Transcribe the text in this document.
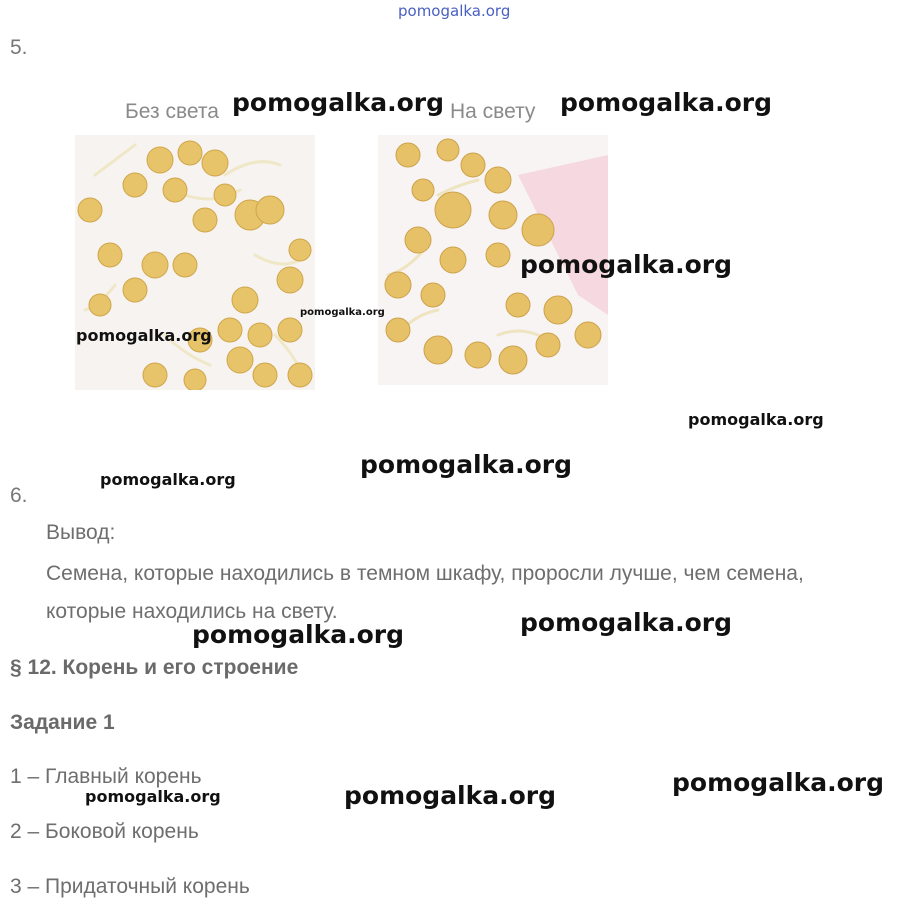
pomogalka.org
5.
Без света	На свету
pomogalka.org	pomogalka.org
pomogalka.org
pomogalka.org
pomogalka.org
pomogalka.org
pomogalka.org
pomogalka.org
6.
Вывод:
Семена, которые находились в темном шкафу, проросли лучше, чем семена,
которые находились на свету.
pomogalka.org	pomogalka.org
§ 12. Корень и его строение
Задание 1
1 – Главный корень
2 – Боковой корень
3 – Придаточный корень
pomogalka.org	pomogalka.org	pomogalka.org
